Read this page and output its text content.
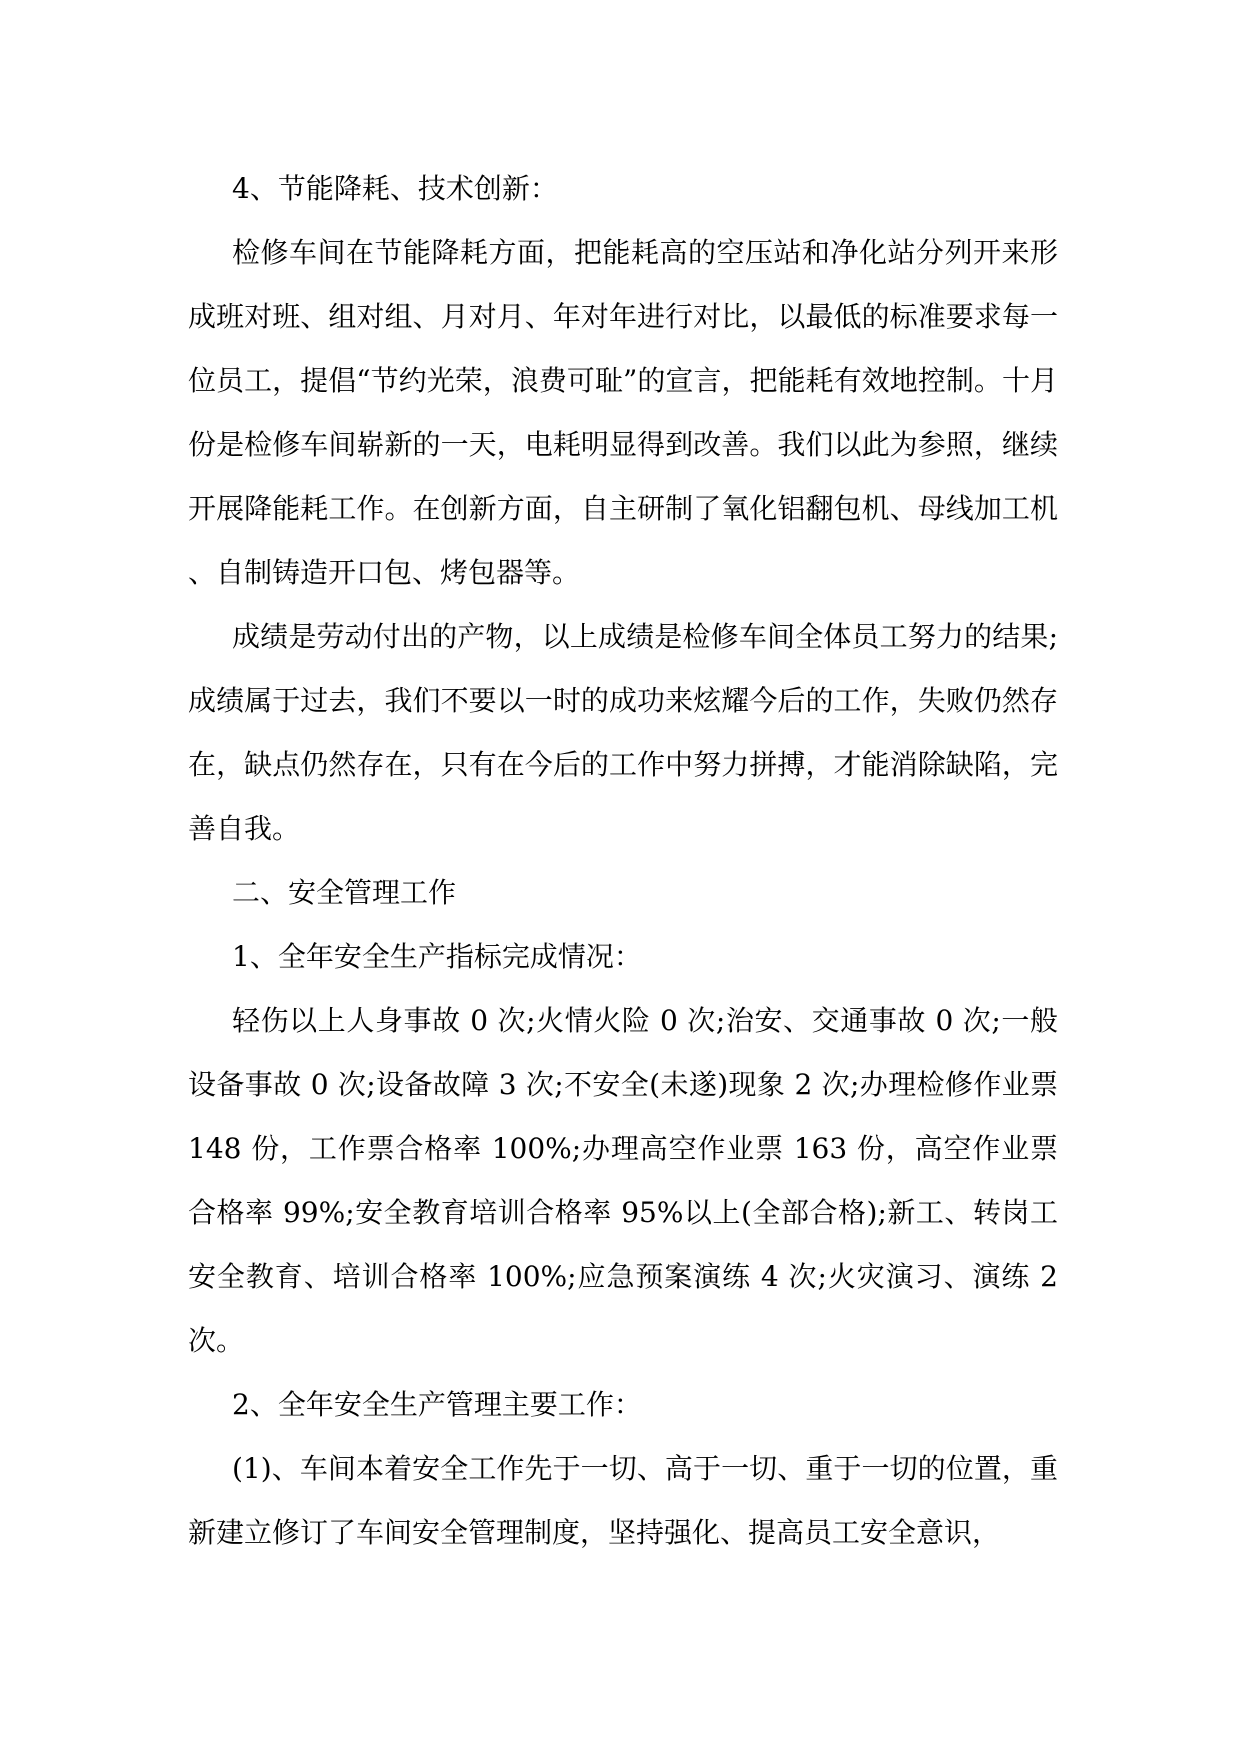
4、节能降耗、技术创新：

检修车间在节能降耗方面，把能耗高的空压站和净化站分列开来形成班对班、组对组、月对月、年对年进行对比，以最低的标准要求每一位员工，提倡“节约光荣，浪费可耻”的宣言，把能耗有效地控制。十月份是检修车间崭新的一天，电耗明显得到改善。我们以此为参照，继续开展降能耗工作。在创新方面，自主研制了氧化铝翻包机、母线加工机、自制铸造开口包、烤包器等。

成绩是劳动付出的产物，以上成绩是检修车间全体员工努力的结果;成绩属于过去，我们不要以一时的成功来炫耀今后的工作，失败仍然存在，缺点仍然存在，只有在今后的工作中努力拼搏，才能消除缺陷，完善自我。

二、安全管理工作

1、全年安全生产指标完成情况：

轻伤以上人身事故 0 次;火情火险 0 次;治安、交通事故 0 次;一般设备事故 0 次;设备故障 3 次;不安全(未遂)现象 2 次;办理检修作业票 148 份，工作票合格率 100%;办理高空作业票 163 份，高空作业票合格率 99%;安全教育培训合格率 95%以上(全部合格);新工、转岗工安全教育、培训合格率 100%;应急预案演练 4 次;火灾演习、演练 2 次。

2、全年安全生产管理主要工作：

(1)、车间本着安全工作先于一切、高于一切、重于一切的位置，重新建立修订了车间安全管理制度，坚持强化、提高员工安全意识，
